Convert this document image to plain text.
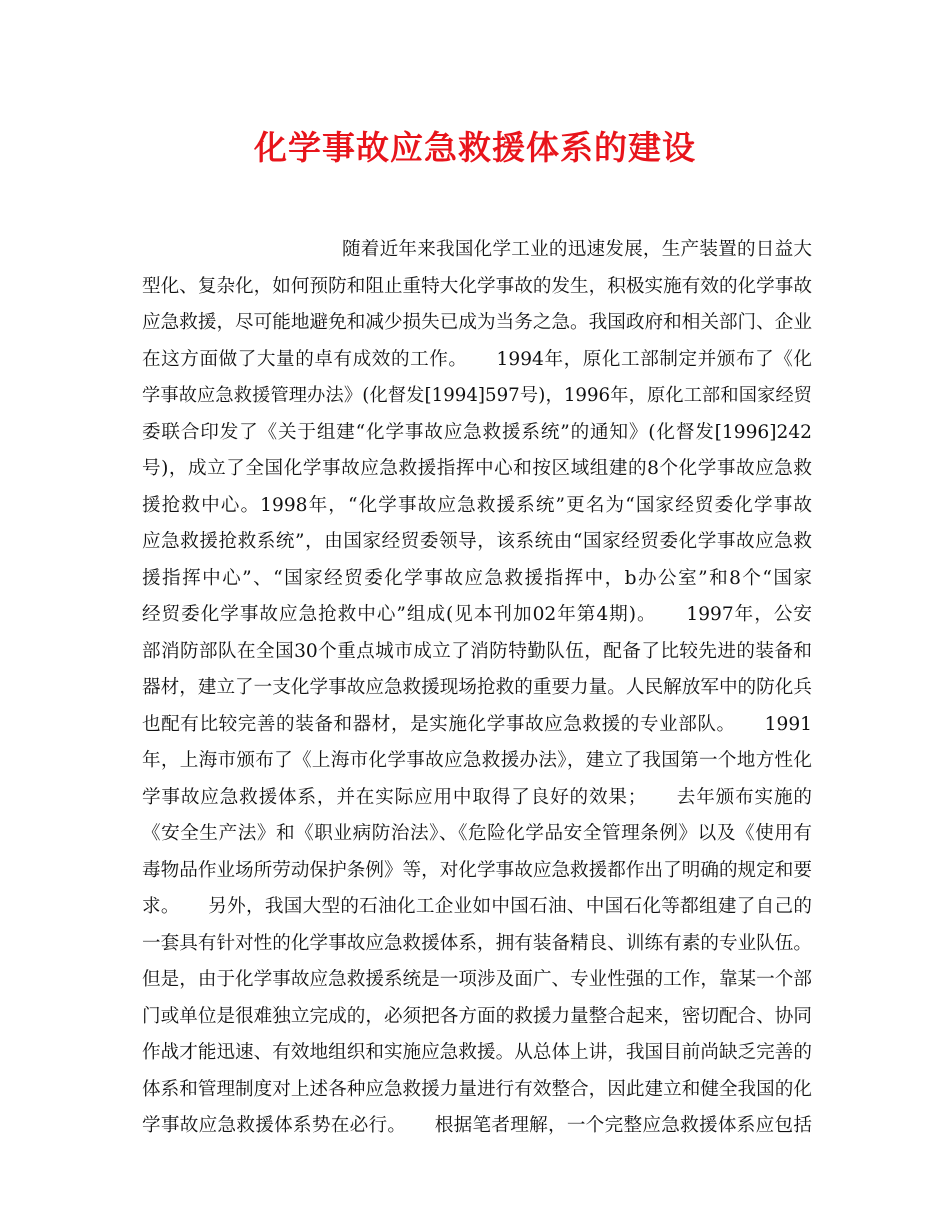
化学事故应急救援体系的建设
随着近年来我国化学工业的迅速发展，生产装置的日益大
型化、复杂化，如何预防和阻止重特大化学事故的发生，积极实施有效的化学事故
应急救援，尽可能地避免和减少损失已成为当务之急。我国政府和相关部门、企业
在这方面做了大量的卓有成效的工作。　　1994年，原化工部制定并颁布了《化
学事故应急救援管理办法》(化督发[1994]597号)，1996年，原化工部和国家经贸
委联合印发了《关于组建“化学事故应急救援系统”的通知》(化督发[1996]242
号)，成立了全国化学事故应急救援指挥中心和按区域组建的8个化学事故应急救
援抢救中心。1998年，“化学事故应急救援系统”更名为“国家经贸委化学事故
应急救援抢救系统”，由国家经贸委领导，该系统由“国家经贸委化学事故应急救
援指挥中心”、“国家经贸委化学事故应急救援指挥中，b办公室”和8个“国家
经贸委化学事故应急抢救中心”组成(见本刊加02年第4期)。　　1997年，公安
部消防部队在全国30个重点城市成立了消防特勤队伍，配备了比较先进的装备和
器材，建立了一支化学事故应急救援现场抢救的重要力量。人民解放军中的防化兵
也配有比较完善的装备和器材，是实施化学事故应急救援的专业部队。　　1991
年，上海市颁布了《上海市化学事故应急救援办法》，建立了我国第一个地方性化
学事故应急救援体系，并在实际应用中取得了良好的效果；　　去年颁布实施的
《安全生产法》和《职业病防治法》、《危险化学品安全管理条例》以及《使用有
毒物品作业场所劳动保护条例》等，对化学事故应急救援都作出了明确的规定和要
求。　　另外，我国大型的石油化工企业如中国石油、中国石化等都组建了自己的
一套具有针对性的化学事故应急救援体系，拥有装备精良、训练有素的专业队伍。
但是，由于化学事故应急救援系统是一项涉及面广、专业性强的工作，靠某一个部
门或单位是很难独立完成的，必须把各方面的救援力量整合起来，密切配合、协同
作战才能迅速、有效地组织和实施应急救援。从总体上讲，我国目前尚缺乏完善的
体系和管理制度对上述各种应急救援力量进行有效整合，因此建立和健全我国的化
学事故应急救援体系势在必行。　　根据笔者理解，一个完整应急救援体系应包括
